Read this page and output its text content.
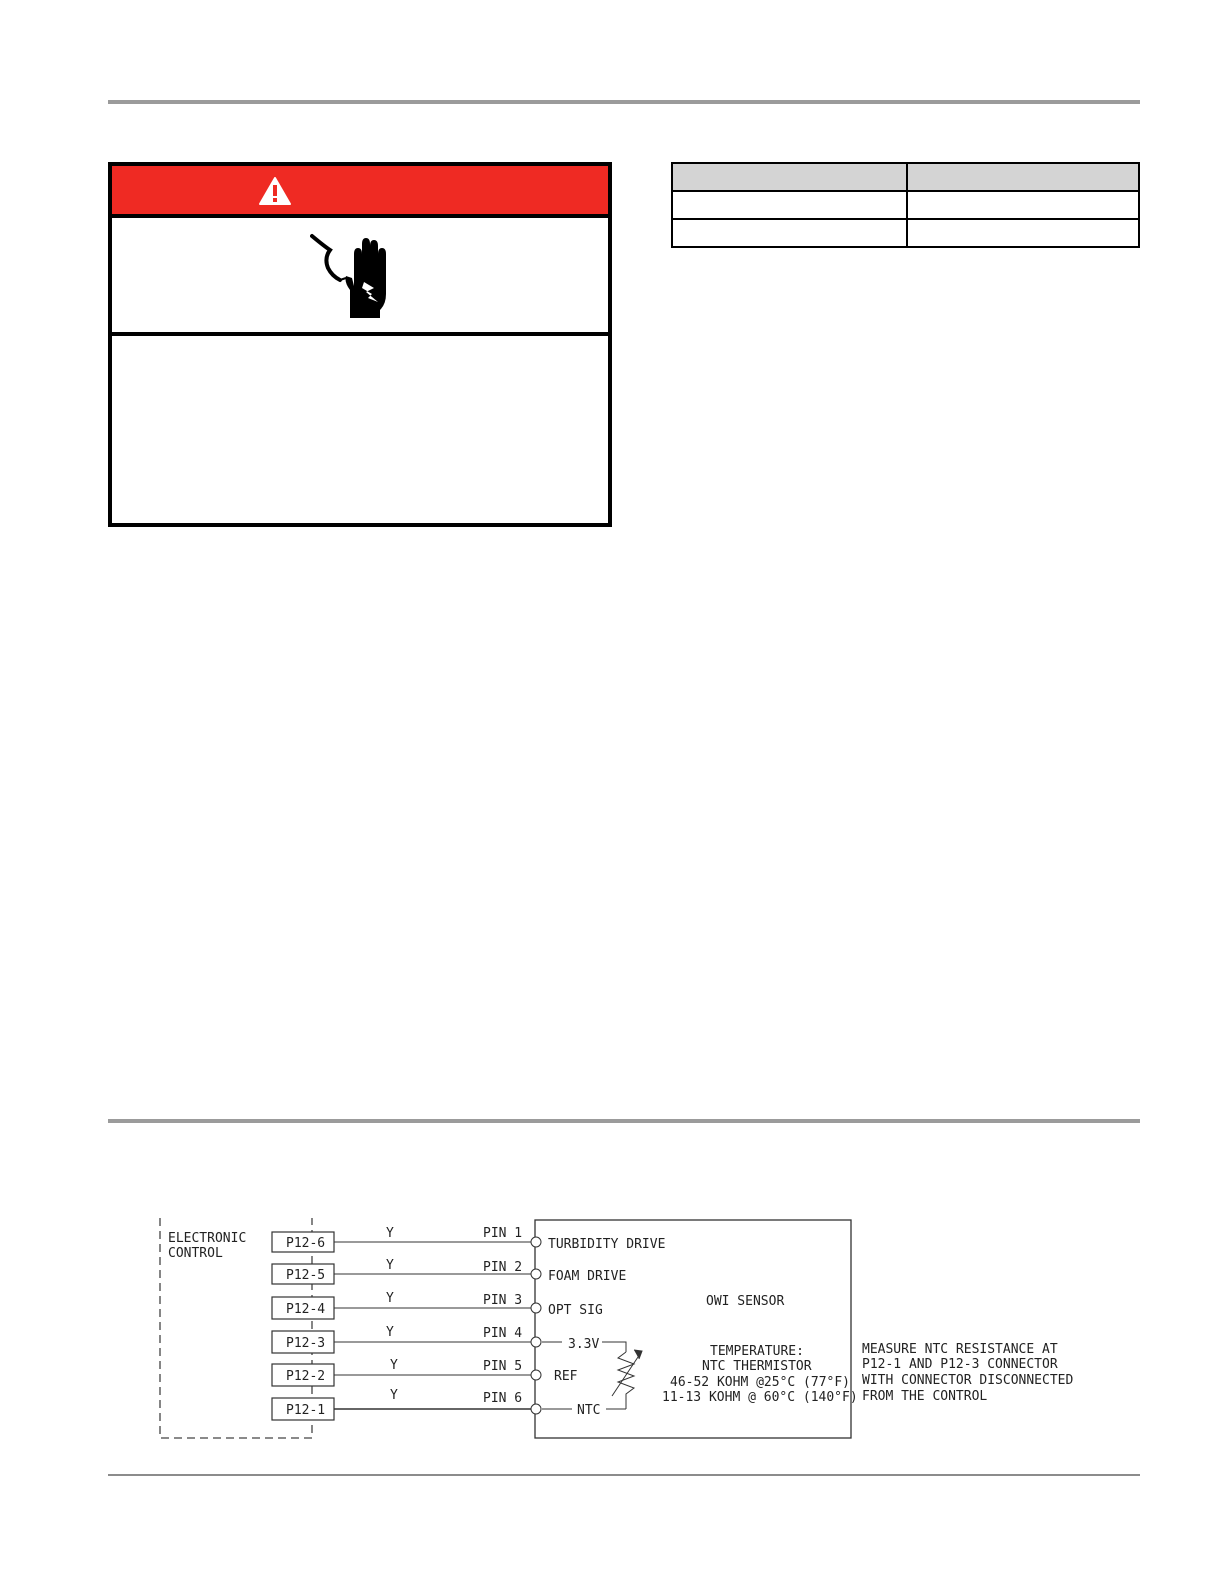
ELECTRONIC
CONTROL
P12-6
Y	PIN 1
TURBIDITY DRIVE
P12-5
Y	PIN 2
FOAM DRIVE
P12-4
Y	PIN 3
OPT SIG
P12-3
Y	PIN 4
3.3V
P12-2
Y	PIN 5
REF
P12-1
Y	PIN 6
NTC
OWI SENSOR
TEMPERATURE:
NTC THERMISTOR
46-52 KOHM @25°C (77°F)
11-13 KOHM @ 60°C (140°F)
MEASURE NTC RESISTANCE AT
P12-1 AND P12-3 CONNECTOR
WITH CONNECTOR DISCONNECTED
FROM THE CONTROL
